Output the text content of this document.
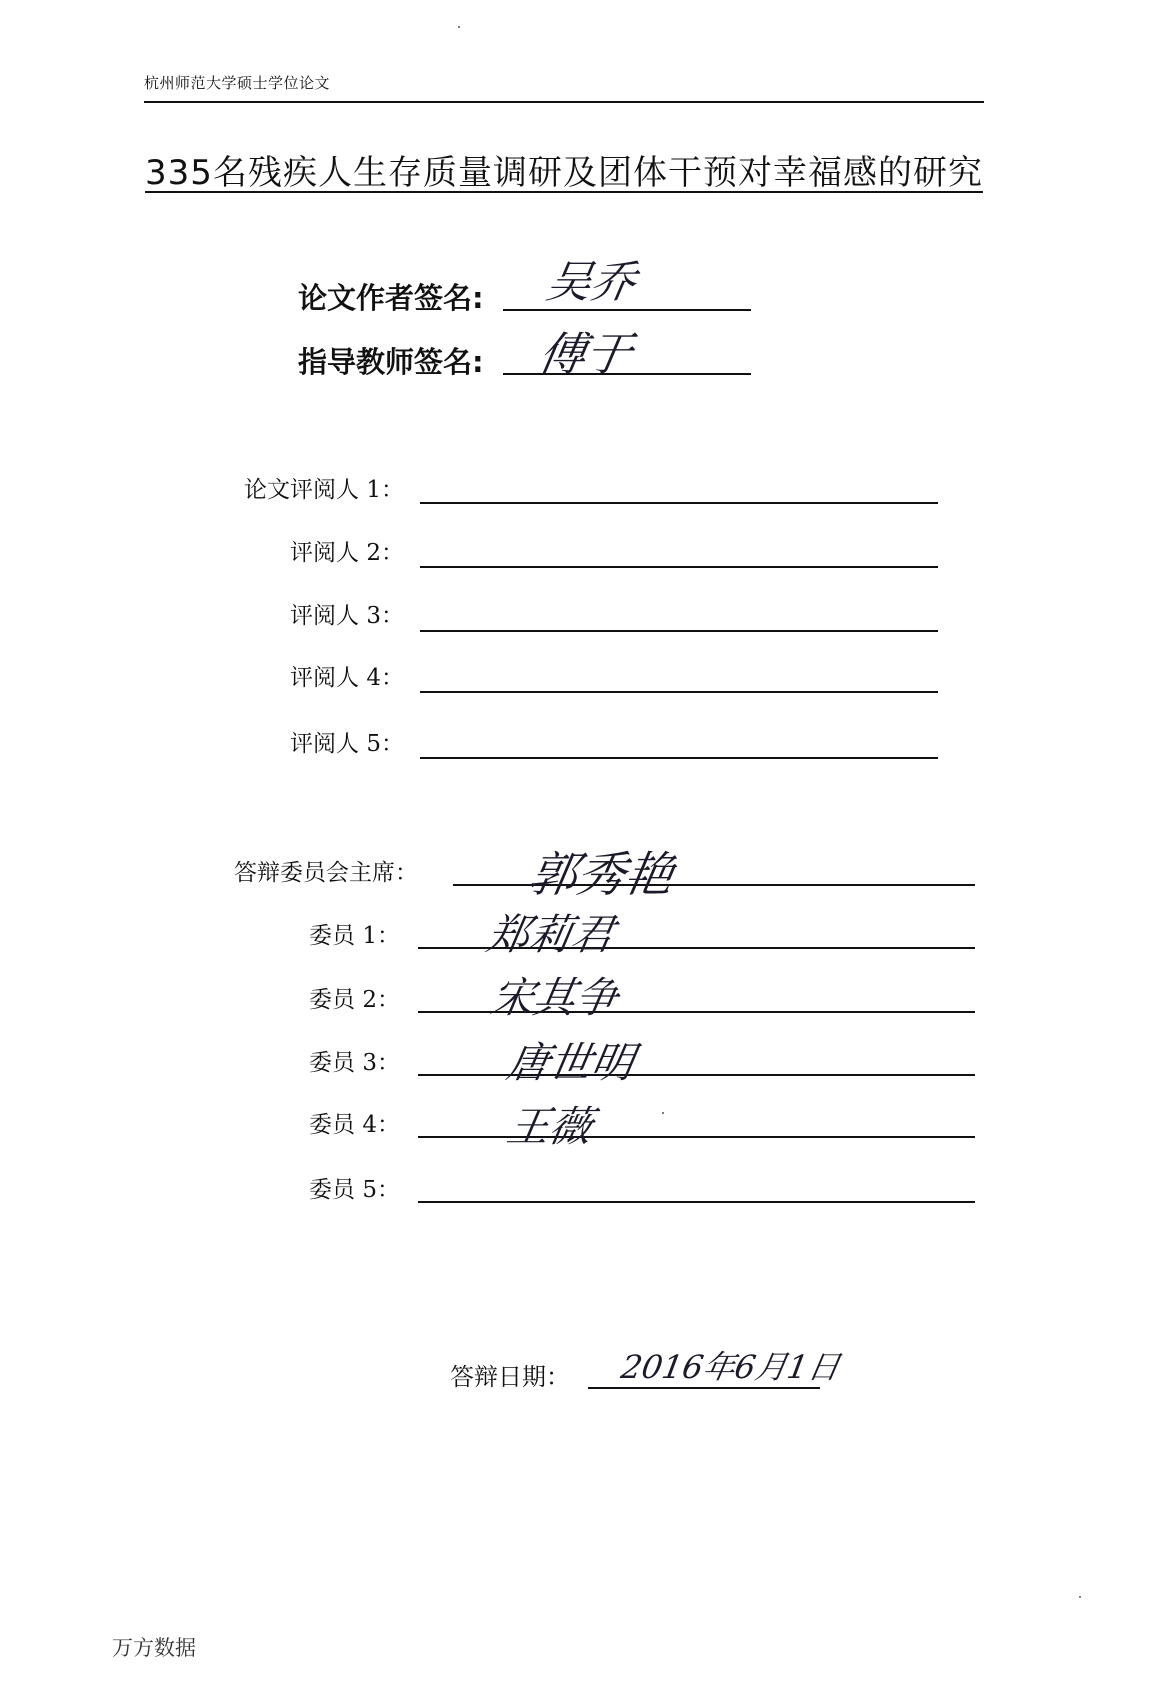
杭州师范大学硕士学位论文
335名残疾人生存质量调研及团体干预对幸福感的研究
论文作者签名: 吴乔
指导教师签名: 傅于
论文评阅人 1：
评阅人 2：
评阅人 3：
评阅人 4：
评阅人 5：
答辩委员会主席： 郭秀艳
委员 1： 郑莉君
委员 2： 宋其争
委员 3： 唐世明
委员 4： 王薇
委员 5：
答辩日期： 2016年6月1日
万方数据
